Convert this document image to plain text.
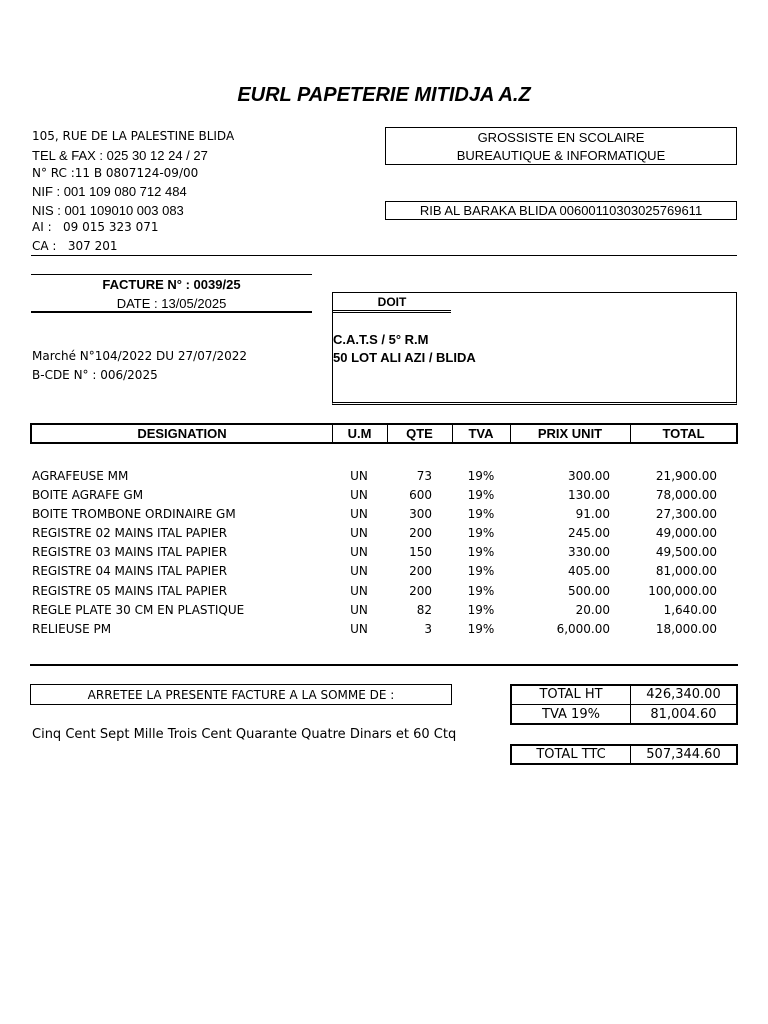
EURL PAPETERIE MITIDJA A.Z
105, RUE DE LA PALESTINE BLIDA
TEL & FAX : 025 30 12 24 / 27
N° RC :11 B 0807124-09/00
NIF : 001 109 080 712 484
NIS : 001 109010 003 083
AI :   09 015 323 071
CA :   307 201
GROSSISTE EN SCOLAIRE
BUREAUTIQUE & INFORMATIQUE
RIB AL BARAKA BLIDA 00600110303025769611
FACTURE N° : 0039/25
DATE : 13/05/2025
Marché N°104/2022 DU 27/07/2022
B-CDE N° : 006/2025
DOIT
C.A.T.S / 5° R.M
50 LOT ALI AZI / BLIDA
DESIGNATION	U.M	QTE	TVA	PRIX UNIT	TOTAL
AGRAFEUSE MM	UN	73	19%	300.00	21,900.00
BOITE AGRAFE GM	UN	600	19%	130.00	78,000.00
BOITE TROMBONE ORDINAIRE GM	UN	300	19%	91.00	27,300.00
REGISTRE 02 MAINS ITAL PAPIER	UN	200	19%	245.00	49,000.00
REGISTRE 03 MAINS ITAL PAPIER	UN	150	19%	330.00	49,500.00
REGISTRE 04 MAINS ITAL PAPIER	UN	200	19%	405.00	81,000.00
REGISTRE 05 MAINS ITAL PAPIER	UN	200	19%	500.00	100,000.00
REGLE PLATE 30 CM EN PLASTIQUE	UN	82	19%	20.00	1,640.00
RELIEUSE PM	UN	3	19%	6,000.00	18,000.00
ARRETEE LA PRESENTE FACTURE A LA SOMME DE :
Cinq Cent Sept Mille Trois Cent Quarante Quatre Dinars et 60 Ctq
TOTAL HT	426,340.00
TVA 19%	81,004.60
TOTAL TTC	507,344.60
